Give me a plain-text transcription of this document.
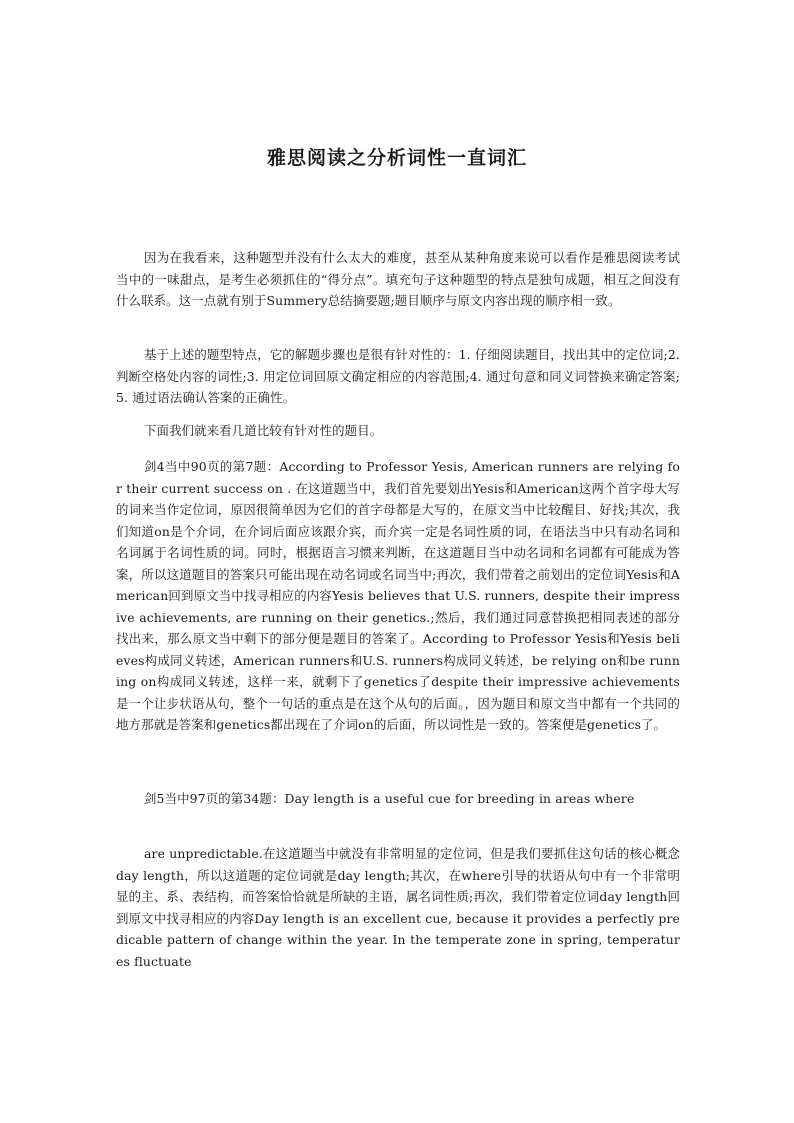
雅思阅读之分析词性一直词汇

因为在我看来，这种题型并没有什么太大的难度，甚至从某种角度来说可以看作是雅思阅读考试当中的一味甜点，是考生必须抓住的“得分点”。填充句子这种题型的特点是独句成题，相互之间没有什么联系。这一点就有别于Summery总结摘要题;题目顺序与原文内容出现的顺序相一致。

基于上述的题型特点，它的解题步骤也是很有针对性的：1. 仔细阅读题目，找出其中的定位词;2. 判断空格处内容的词性;3. 用定位词回原文确定相应的内容范围;4. 通过句意和同义词替换来确定答案;5. 通过语法确认答案的正确性。

下面我们就来看几道比较有针对性的题目。

剑4当中90页的第7题：According to Professor Yesis, American runners are relying for their current success on . 在这道题当中，我们首先要划出Yesis和American这两个首字母大写的词来当作定位词，原因很简单因为它们的首字母都是大写的，在原文当中比较醒目、好找;其次，我们知道on是个介词，在介词后面应该跟介宾，而介宾一定是名词性质的词，在语法当中只有动名词和名词属于名词性质的词。同时，根据语言习惯来判断，在这道题目当中动名词和名词都有可能成为答案，所以这道题目的答案只可能出现在动名词或名词当中;再次，我们带着之前划出的定位词Yesis和American回到原文当中找寻相应的内容Yesis believes that U.S. runners, despite their impressive achievements, are running on their genetics.;然后，我们通过同意替换把相同表述的部分找出来，那么原文当中剩下的部分便是题目的答案了。According to Professor Yesis和Yesis believes构成同义转述，American runners和U.S. runners构成同义转述，be relying on和be running on构成同义转述，这样一来，就剩下了genetics了despite their impressive achievements是一个让步状语从句，整个一句话的重点是在这个从句的后面。，因为题目和原文当中都有一个共同的地方那就是答案和genetics都出现在了介词on的后面，所以词性是一致的。答案便是genetics了。

剑5当中97页的第34题：Day length is a useful cue for breeding in areas where

are unpredictable.在这道题当中就没有非常明显的定位词，但是我们要抓住这句话的核心概念day length，所以这道题的定位词就是day length;其次，在where引导的状语从句中有一个非常明显的主、系、表结构，而答案恰恰就是所缺的主语，属名词性质;再次，我们带着定位词day length回到原文中找寻相应的内容Day length is an excellent cue, because it provides a perfectly predicable pattern of change within the year. In the temperate zone in spring, temperatures fluctuate
